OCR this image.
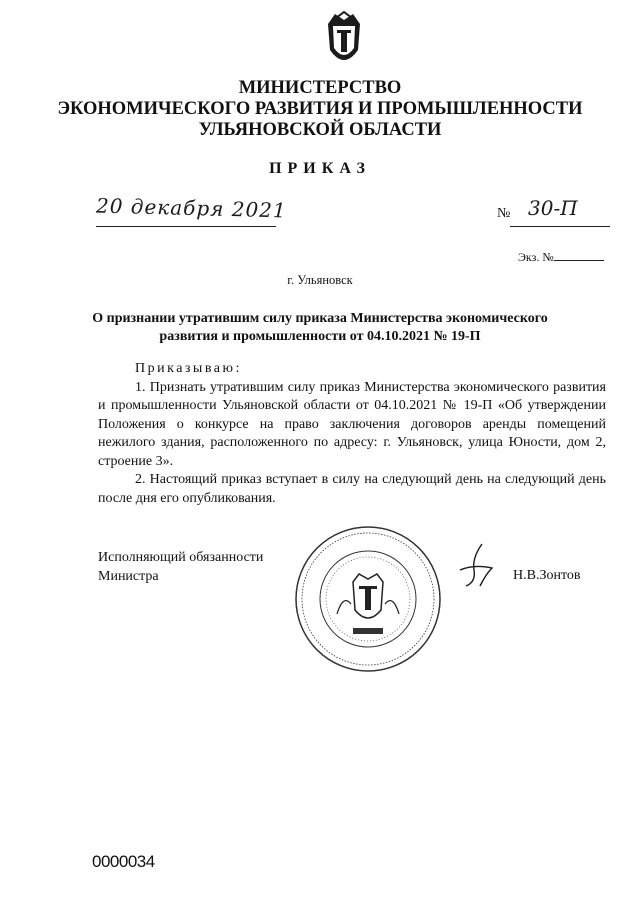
МИНИСТЕРСТВО
ЭКОНОМИЧЕСКОГО РАЗВИТИЯ И ПРОМЫШЛЕННОСТИ
УЛЬЯНОВСКОЙ ОБЛАСТИ
ПРИКАЗ
20 декабря 2021	№ 30-П
Экз. №
г. Ульяновск
О признании утратившим силу приказа Министерства экономического развития и промышленности от 04.10.2021 № 19-П
Приказываю:

1. Признать утратившим силу приказ Министерства экономического развития и промышленности Ульяновской области от 04.10.2021 № 19-П «Об утверждении Положения о конкурсе на право заключения договоров аренды помещений нежилого здания, расположенного по адресу: г. Ульяновск, улица Юности, дом 2, строение 3».

2. Настоящий приказ вступает в силу на следующий день на следующий день после дня его опубликования.

Исполняющий обязанности
Министра	Н.В.Зонтов
0000034
